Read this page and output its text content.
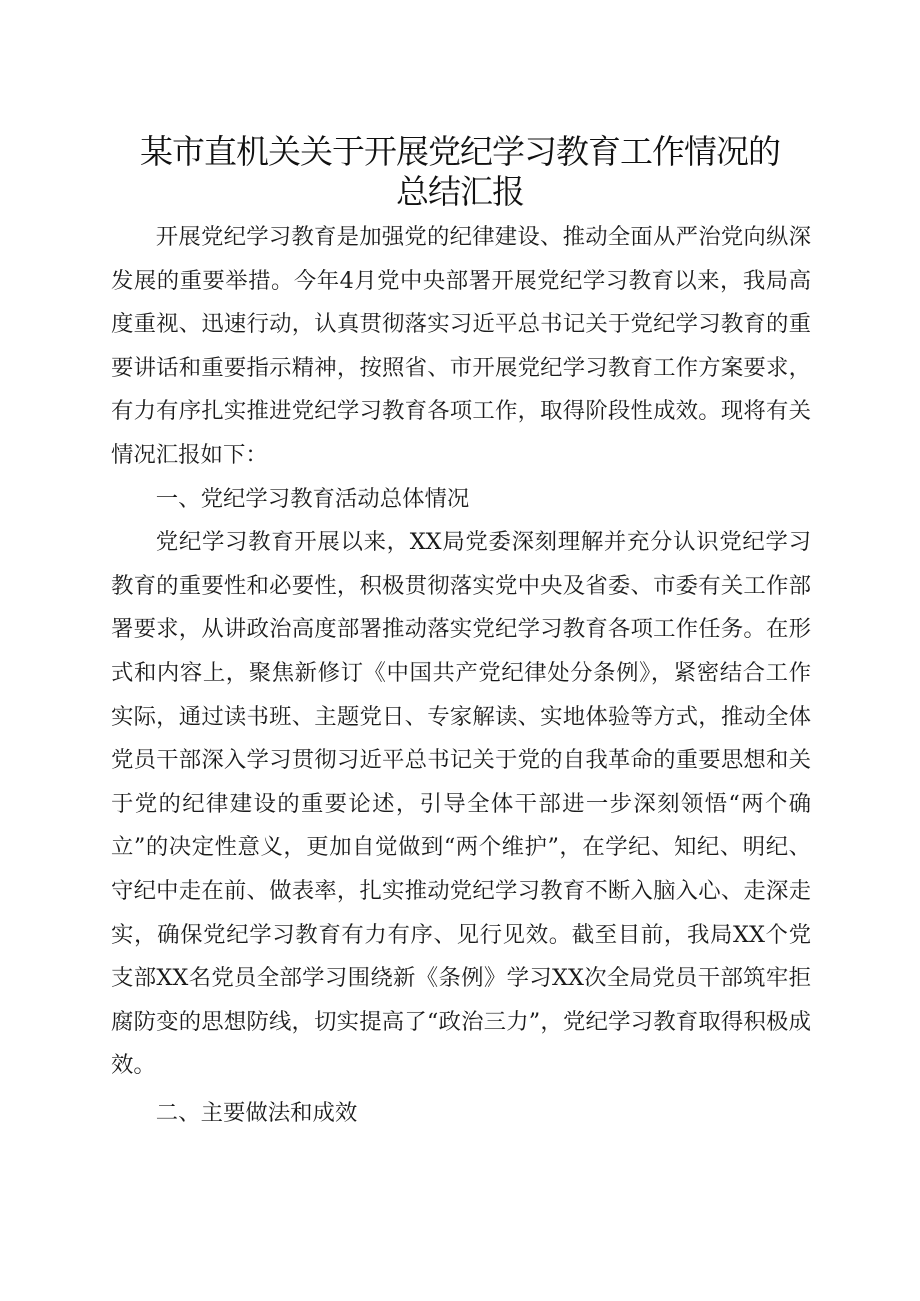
某市直机关关于开展党纪学习教育工作情况的
总结汇报

开展党纪学习教育是加强党的纪律建设、推动全面从严治党向纵深发展的重要举措。今年4月党中央部署开展党纪学习教育以来，我局高度重视、迅速行动，认真贯彻落实习近平总书记关于党纪学习教育的重要讲话和重要指示精神，按照省、市开展党纪学习教育工作方案要求，有力有序扎实推进党纪学习教育各项工作，取得阶段性成效。现将有关情况汇报如下：

一、党纪学习教育活动总体情况

党纪学习教育开展以来，XX局党委深刻理解并充分认识党纪学习教育的重要性和必要性，积极贯彻落实党中央及省委、市委有关工作部署要求，从讲政治高度部署推动落实党纪学习教育各项工作任务。在形式和内容上，聚焦新修订《中国共产党纪律处分条例》，紧密结合工作实际，通过读书班、主题党日、专家解读、实地体验等方式，推动全体党员干部深入学习贯彻习近平总书记关于党的自我革命的重要思想和关于党的纪律建设的重要论述，引导全体干部进一步深刻领悟“两个确立”的决定性意义，更加自觉做到“两个维护”，在学纪、知纪、明纪、守纪中走在前、做表率，扎实推动党纪学习教育不断入脑入心、走深走实，确保党纪学习教育有力有序、见行见效。截至目前，我局XX个党支部XX名党员全部学习围绕新《条例》学习XX次全局党员干部筑牢拒腐防变的思想防线，切实提高了“政治三力”，党纪学习教育取得积极成效。

二、主要做法和成效
